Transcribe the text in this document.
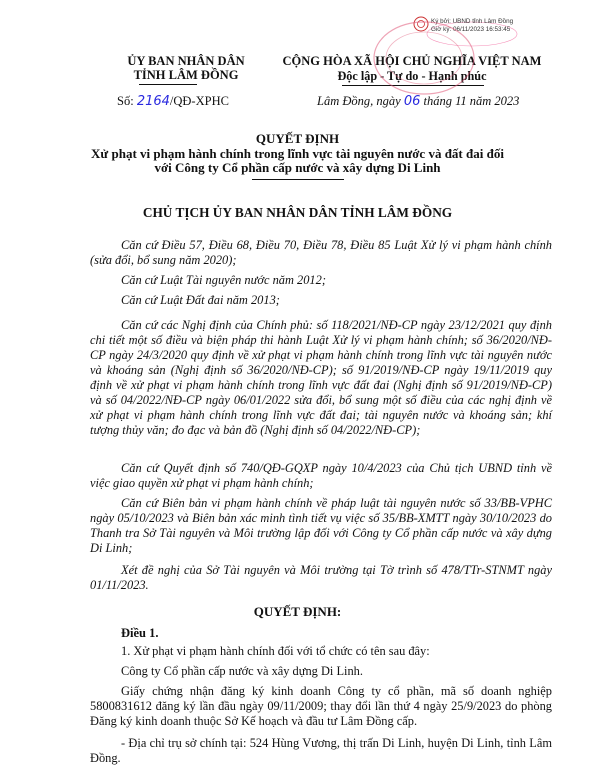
Ký bởi: UBND tỉnh Lâm Đồng
Giờ ký: 06/11/2023 16:53:45
ỦY BAN NHÂN DÂN
TỈNH LÂM ĐỒNG
CỘNG HÒA XÃ HỘI CHỦ NGHĨA VIỆT NAM
Độc lập - Tự do - Hạnh phúc
Số: 2164/QĐ-XPHC	Lâm Đồng, ngày 06 tháng 11 năm 2023
QUYẾT ĐỊNH
Xử phạt vi phạm hành chính trong lĩnh vực tài nguyên nước và đất đai đối
với Công ty Cổ phần cấp nước và xây dựng Di Linh
CHỦ TỊCH ỦY BAN NHÂN DÂN TỈNH LÂM ĐỒNG
Căn cứ Điều 57, Điều 68, Điều 70, Điều 78, Điều 85 Luật Xử lý vi phạm hành chính (sửa đổi, bổ sung năm 2020);
Căn cứ Luật Tài nguyên nước năm 2012;
Căn cứ Luật Đất đai năm 2013;
Căn cứ các Nghị định của Chính phủ: số 118/2021/NĐ-CP ngày 23/12/2021 quy định chi tiết một số điều và biện pháp thi hành Luật Xử lý vi phạm hành chính; số 36/2020/NĐ-CP ngày 24/3/2020 quy định về xử phạt vi phạm hành chính trong lĩnh vực tài nguyên nước và khoáng sản (Nghị định số 36/2020/NĐ-CP); số 91/2019/NĐ-CP ngày 19/11/2019 quy định về xử phạt vi phạm hành chính trong lĩnh vực đất đai (Nghị định số 91/2019/NĐ-CP) và số 04/2022/NĐ-CP ngày 06/01/2022 sửa đổi, bổ sung một số điều của các nghị định về xử phạt vi phạm hành chính trong lĩnh vực đất đai; tài nguyên nước và khoáng sản; khí tượng thủy văn; đo đạc và bản đồ (Nghị định số 04/2022/NĐ-CP);
Căn cứ Quyết định số 740/QĐ-GQXP ngày 10/4/2023 của Chủ tịch UBND tỉnh về việc giao quyền xử phạt vi phạm hành chính;
Căn cứ Biên bản vi phạm hành chính về pháp luật tài nguyên nước số 33/BB-VPHC ngày 05/10/2023 và Biên bản xác minh tình tiết vụ việc số 35/BB-XMTT ngày 30/10/2023 do Thanh tra Sở Tài nguyên và Môi trường lập đối với Công ty Cổ phần cấp nước và xây dựng Di Linh;
Xét đề nghị của Sở Tài nguyên và Môi trường tại Tờ trình số 478/TTr-STNMT ngày 01/11/2023.
QUYẾT ĐỊNH:
Điều 1.
1. Xử phạt vi phạm hành chính đối với tổ chức có tên sau đây:
Công ty Cổ phần cấp nước và xây dựng Di Linh.
Giấy chứng nhận đăng ký kinh doanh Công ty cổ phần, mã số doanh nghiệp 5800831612 đăng ký lần đầu ngày 09/11/2009; thay đổi lần thứ 4 ngày 25/9/2023 do phòng Đăng ký kinh doanh thuộc Sở Kế hoạch và đầu tư Lâm Đồng cấp.
- Địa chỉ trụ sở chính tại: 524 Hùng Vương, thị trấn Di Linh, huyện Di Linh, tỉnh Lâm Đồng.
